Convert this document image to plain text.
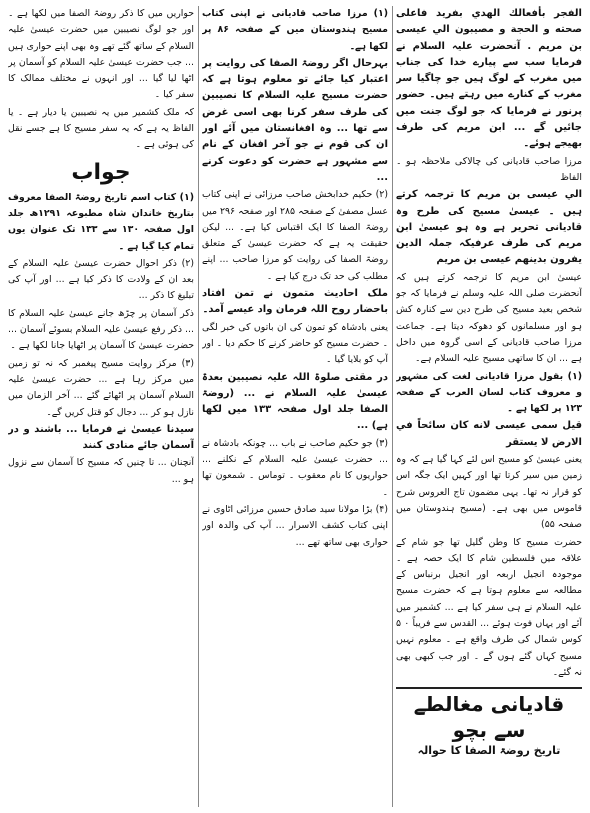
الفجر بأفعالك الهدي بفريد فاعلى صحته و الحجة و مصيبون الي عيسى بن مريم . آنحضرت علیہ السلام نے فرمایا سب سے پیارے خدا کی جناب میں مغرب کے لوگ ہیں جو چاگیا سر مغرب کے کنارے میں رہتے ہیں۔ حضور پرنور نے فرمایا کہ جو لوگ جنت میں جائیں گے ... ابن مریم کی طرف بھیجے ہوئے۔

مرزا صاحب قادیانی کی چالاکی ملاحظہ ہو ۔ الفاظ

الي عيسى بن مريم کا ترجمہ کرتے ہیں ۔ عیسیٰ مسیح کی طرح وہ قادیانی تحریر ہے وہ ہو عیسیٰ ابن مریم کی طرف عرفیکہ جملہ الدين يفرون بدينهم عيسى بن مريم

عیسیٰ ابن مریم کا ترجمہ کرتے ہیں کہ آنحضرت صلی اللہ علیہ وسلم نے فرمایا کہ جو شخص بعید مسیح کی طرح دین سے کنارہ کش ہو اور مسلمانوں کو دھوکہ دیتا ہے۔ جماعت مرزا صاحب قادیانی کے اسی گروہ میں داخل ہے ... ان کا ساتھی مسیح علیہ السلام ہے۔

(۱) بقول مرزا قادیانی لغت کی مشہور و معروف کتاب لسان العرب کے صفحہ ۱۲۳ پر لکھا ہے ۔

قيل سمى عيسى لانه كان سائحاً في الارض لا يستقر

یعنی عیسیٰ کو مسیح اس لئے کہا گیا ہے کہ وہ زمین میں سیر کرتا تھا اور کہیں ایک جگہ اس کو قرار نہ تھا۔ یہی مضمون تاج العروس شرح قاموس میں بھی ہے۔ (مسیح ہندوستان میں صفحہ ۵۵)

حضرت مسیح کا وطن گلیل تھا جو شام کے علاقہ میں فلسطین شام کا ایک حصہ ہے ۔ موجودہ انجیل اربعہ اور انجیل برنباس کے مطالعہ سے معلوم ہوتا ہے کہ حضرت مسیح علیہ السلام نے ہی سفر کیا ہے ... کشمیر میں آئے اور یہاں فوت ہوئے ... القدس سے فریباً ۰ ۵ کوس شمال کی طرف واقع ہے ۔ معلوم نہیں مسیح کہاں گئے ہوں گے ۔ اور جب کبھی بھی نہ گئے۔

قادیانی مغالطے سے بچو
تاریخ روضۃ الصفا کا حوالہ

(۱) مرزا صاحب قادیانی نے اپنی کتاب مسیح ہندوستان میں کے صفحہ ۸۶ پر لکھا ہے۔

بہرحال اگر روضۃ الصفا کی روایت پر اعتبار کیا جائے تو معلوم ہوتا ہے کہ حضرت مسیح علیہ السلام کا نصیبین کی طرف سفر کرنا بھی اسی غرض سے تھا ... وہ افغانستان میں آئے اور ان کی قوم نے جو آخر افغان کے نام سے مشہور ہے حضرت کو دعوت کرنے ...

(۲) حکیم خدابخش صاحب مرزائی نے اپنی کتاب عسل مصفیٰ کے صفحہ ۲۸۵ اور صفحہ ۲۹۶ میں روضۃ الصفا کا ایک اقتباس کیا ہے۔ ... لیکن حقیقت یہ ہے کہ حضرت عیسیٰ کے متعلق روضۃ الصفا کی روایت کو مرزا صاحب ... اپنے مطلب کی حد تک درج کیا ہے ۔

ملک احادیث متمون نے تمن افتاد باحضار روح اللہ فرمان واد عیسے آمد۔

یعنی بادشاہ کو تمون کی ان باتوں کی خبر لگی ۔ حضرت مسیح کو حاضر کرنے کا حکم دیا ۔ اور آپ کو بلایا گیا ۔

در مقتی صلوۃ اللہ علیہ نصیبین بعدۃ عیسیٰ علیہ السلام نے ... (روضۃ الصفا جلد اول صفحہ ۱۳۳ میں لکھا ہے) ...

(۳) جو حکیم صاحب نے باب ... چونکہ بادشاہ نے ... حضرت عیسیٰ علیہ السلام کے نکلنے ... حواریوں کا نام معقوب ۔ توماس ۔ شمعون تھا ۔

(۴) بڑا مولانا سید صادق حسین مرزائی اٹاوی نے اپنی کتاب کشف الاسرار ... آپ کی والدہ اور حواری بھی ساتھ تھے ...

حواریں میں کا ذکر روضۃ الصفا میں لکھا ہے ۔ اور جو لوگ نصیبین میں حضرت عیسیٰ علیہ السلام کے ساتھ گئے تھے وہ بھی اپنے حواری ہیں ... جب حضرت عیسیٰ علیہ السلام کو آسمان پر اٹھا لیا گیا ... اور انہوں نے مختلف ممالک کا سفر کیا ۔

کہ ملک کشمیر میں یہ نصیبین یا دیار ہے ۔ یا الفاظ یہ ہے کہ یہ سفر مسیح کا ہے جسے نقل کی ہوئی ہے ۔

جواب

(۱) کتاب اسم تاریخ روضۃ الصفا معروف بتاریخ خاندان شاہ مطبوعہ ۱۲۹۱ھ جلد اول صفحہ ۱۳۰ سے ۱۳۳ تک عنوان یوں تمام کیا گیا ہے ۔

(۲) ذکر احوال حضرت عیسیٰ علیہ السلام کے بعد ان کے ولادت کا ذکر کیا ہے ... اور آپ کی تبلیغ کا ذکر ...

ذکر آسمان پر چڑھ جانے عیسیٰ علیہ السلام کا ... ذکر رفع عیسیٰ علیہ السلام بسوئے آسمان ... حضرت عیسیٰ کا آسمان پر اٹھایا جانا لکھا ہے ۔

(۳) مرکز روایت مسیح پیغمبر کہ نہ تو زمین میں مرکز رہا ہے ... حضرت عیسیٰ علیہ السلام آسمان پر اٹھائے گئے ... آخر الزمان میں نازل ہو کر ... دجال کو قتل کریں گے۔

سیدنا عیسیٰ نے فرمایا ... باشند و در آسمان جائے منادی کنند

آنچنان ... تا چنیں کہ مسیح کا آسمان سے نزول ہو ...
